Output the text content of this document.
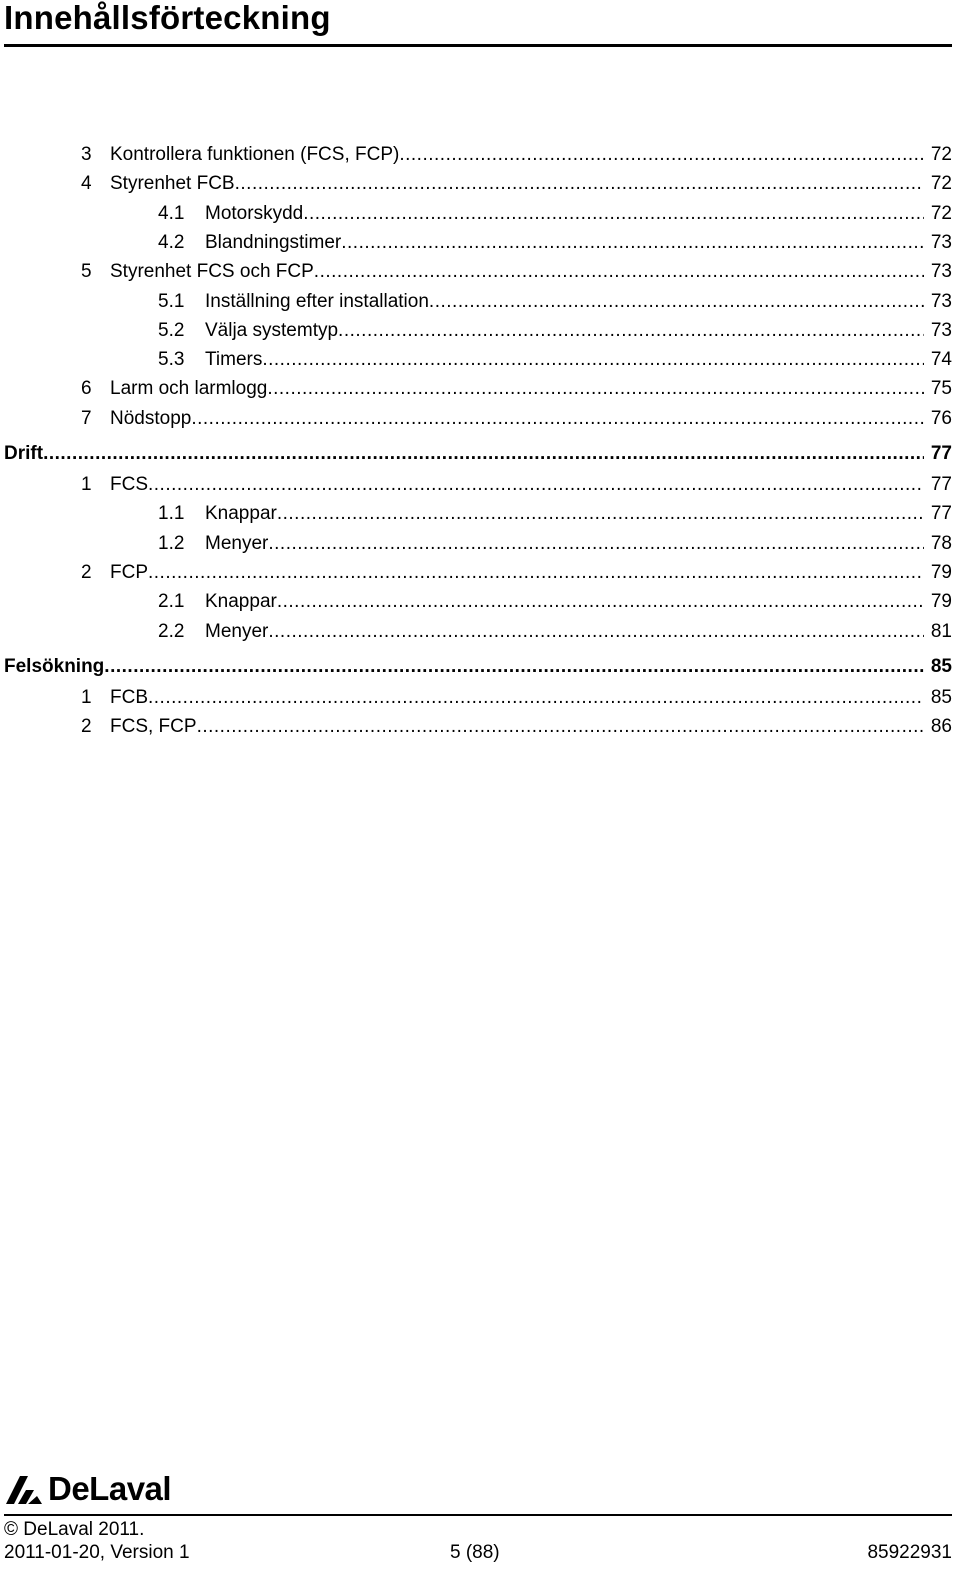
Innehållsförteckning
3 Kontrollera funktionen (FCS, FCP) .....	72
4 Styrenhet FCB .....	72
4.1 Motorskydd .....	72
4.2 Blandningstimer .....	73
5 Styrenhet FCS och FCP .....	73
5.1 Inställning efter installation .....	73
5.2 Välja systemtyp .....	73
5.3 Timers .....	74
6 Larm och larmlogg .....	75
7 Nödstopp .....	76
Drift .....	77
1 FCS .....	77
1.1 Knappar .....	77
1.2 Menyer .....	78
2 FCP .....	79
2.1 Knappar .....	79
2.2 Menyer .....	81
Felsökning .....	85
1 FCB .....	85
2 FCS, FCP .....	86
DeLaval
© DeLaval 2011.
2011-01-20, Version 1	5 (88)	85922931
